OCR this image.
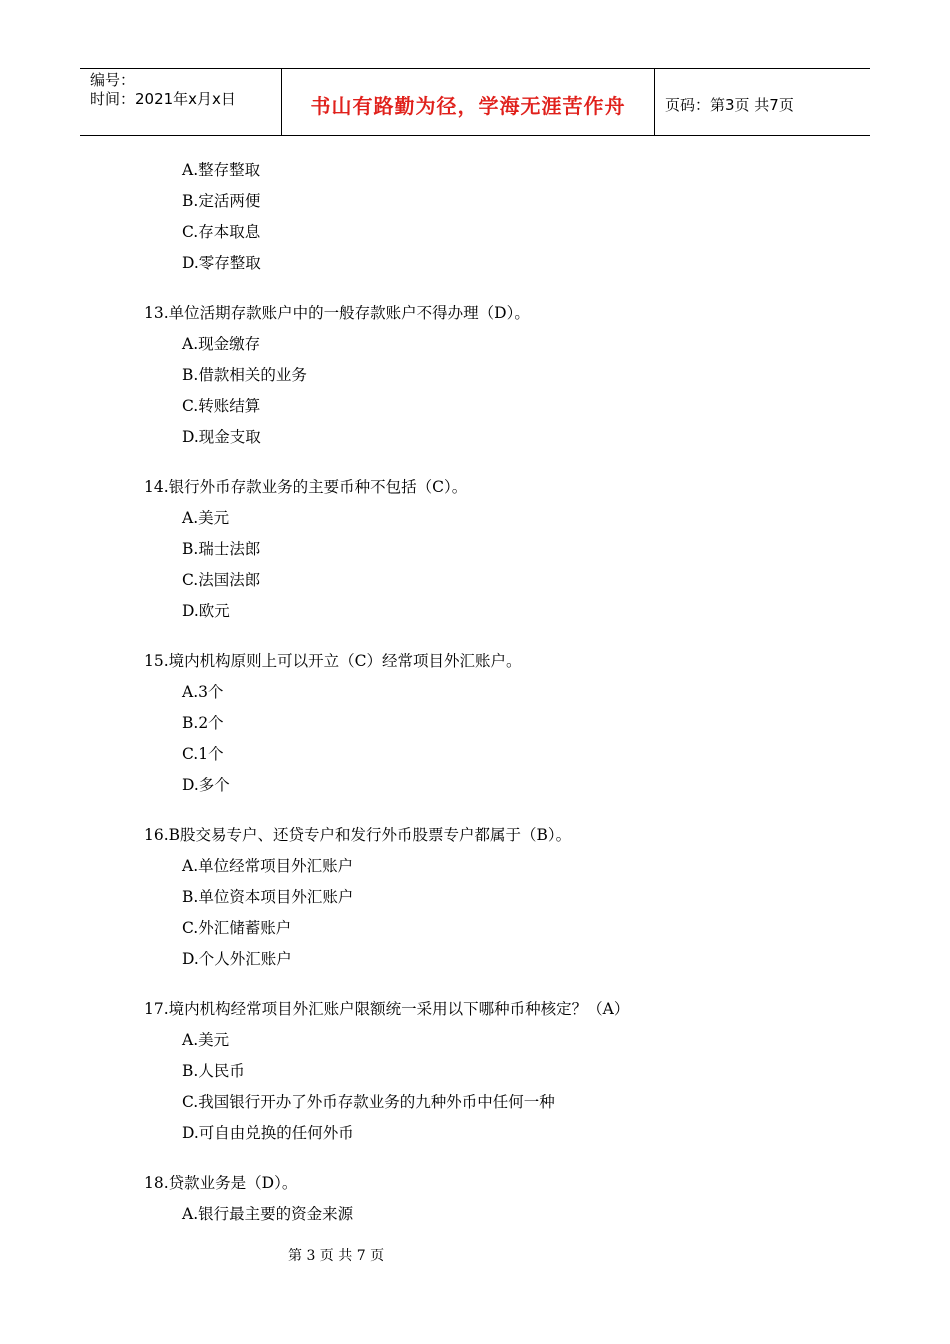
编号：
时间：2021年x月x日	书山有路勤为径，学海无涯苦作舟	页码：第3页 共7页
A.整存整取
B.定活两便
C.存本取息
D.零存整取
13.单位活期存款账户中的一般存款账户不得办理（D）。
A.现金缴存
B.借款相关的业务
C.转账结算
D.现金支取
14.银行外币存款业务的主要币种不包括（C）。
A.美元
B.瑞士法郎
C.法国法郎
D.欧元
15.境内机构原则上可以开立（C）经常项目外汇账户。
A.3个
B.2个
C.1个
D.多个
16.B股交易专户、还贷专户和发行外币股票专户都属于（B）。
A.单位经常项目外汇账户
B.单位资本项目外汇账户
C.外汇储蓄账户
D.个人外汇账户
17.境内机构经常项目外汇账户限额统一采用以下哪种币种核定？（A）
A.美元
B.人民币
C.我国银行开办了外币存款业务的九种外币中任何一种
D.可自由兑换的任何外币
18.贷款业务是（D）。
A.银行最主要的资金来源
第 3 页 共 7 页
